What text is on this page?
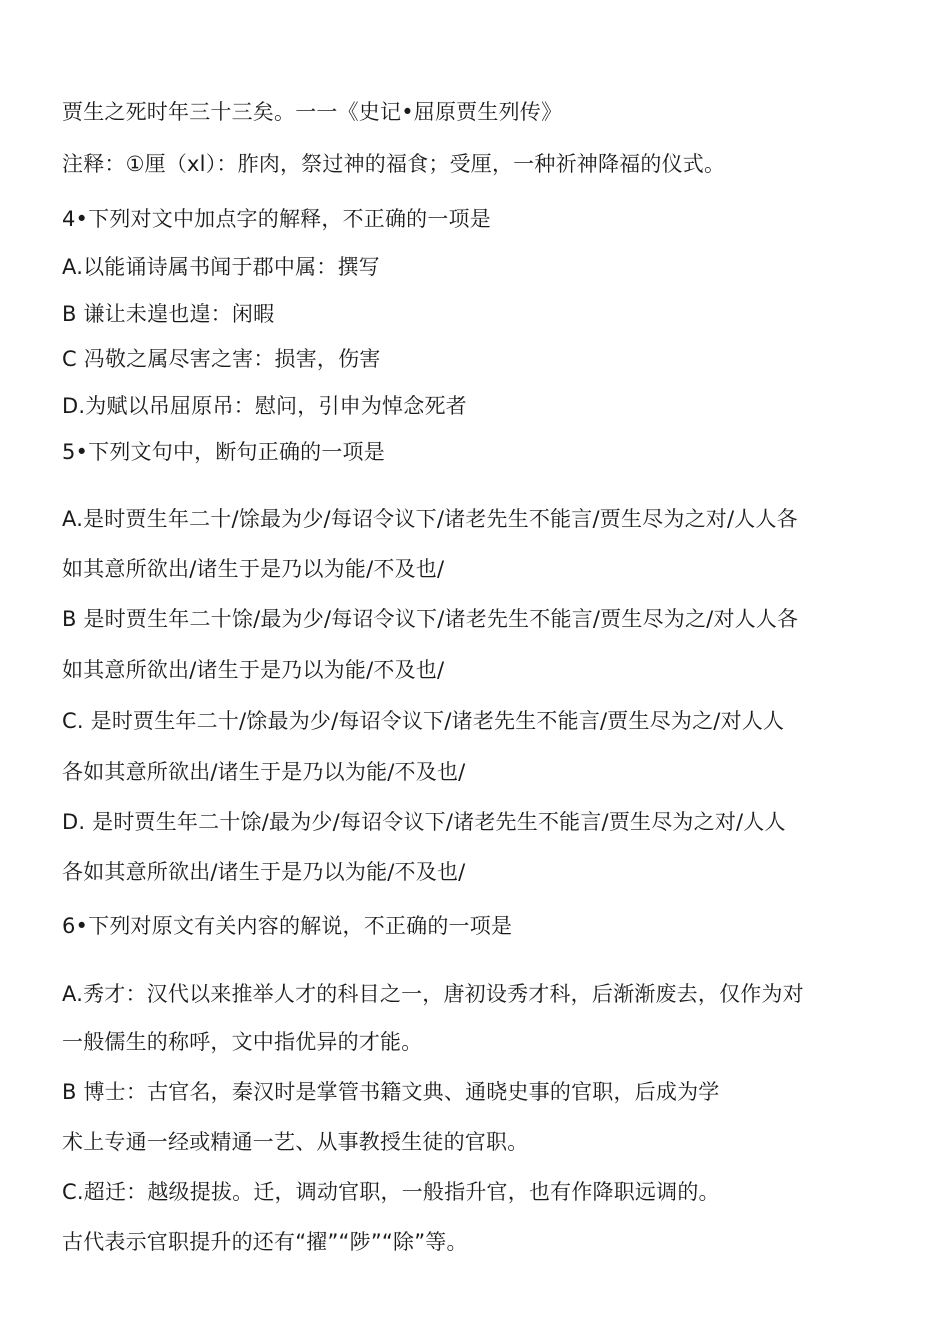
贾生之死时年三十三矣。一一《史记•屈原贾生列传》
注释：①厘（xl）：胙肉，祭过神的福食；受厘，一种祈神降福的仪式。
4•下列对文中加点字的解释，不正确的一项是
A.以能诵诗属书闻于郡中属：撰写
B 谦让未遑也遑：闲暇
C 冯敬之属尽害之害：损害，伤害
D.为赋以吊屈原吊：慰问，引申为悼念死者
5•下列文句中，断句正确的一项是
A.是时贾生年二十/馀最为少/每诏令议下/诸老先生不能言/贾生尽为之对/人人各
如其意所欲出/诸生于是乃以为能/不及也/
B 是时贾生年二十馀/最为少/每诏令议下/诸老先生不能言/贾生尽为之/对人人各
如其意所欲出/诸生于是乃以为能/不及也/
C. 是时贾生年二十/馀最为少/每诏令议下/诸老先生不能言/贾生尽为之/对人人
各如其意所欲出/诸生于是乃以为能/不及也/
D. 是时贾生年二十馀/最为少/每诏令议下/诸老先生不能言/贾生尽为之对/人人
各如其意所欲出/诸生于是乃以为能/不及也/
6•下列对原文有关内容的解说，不正确的一项是
A.秀才：汉代以来推举人才的科目之一，唐初设秀才科，后渐渐废去，仅作为对
一般儒生的称呼，文中指优异的才能。
B 博士：古官名，秦汉时是掌管书籍文典、通晓史事的官职，后成为学
术上专通一经或精通一艺、从事教授生徒的官职。
C.超迁：越级提拔。迁，调动官职，一般指升官，也有作降职远调的。
古代表示官职提升的还有“擢”“陟”“除”等。
